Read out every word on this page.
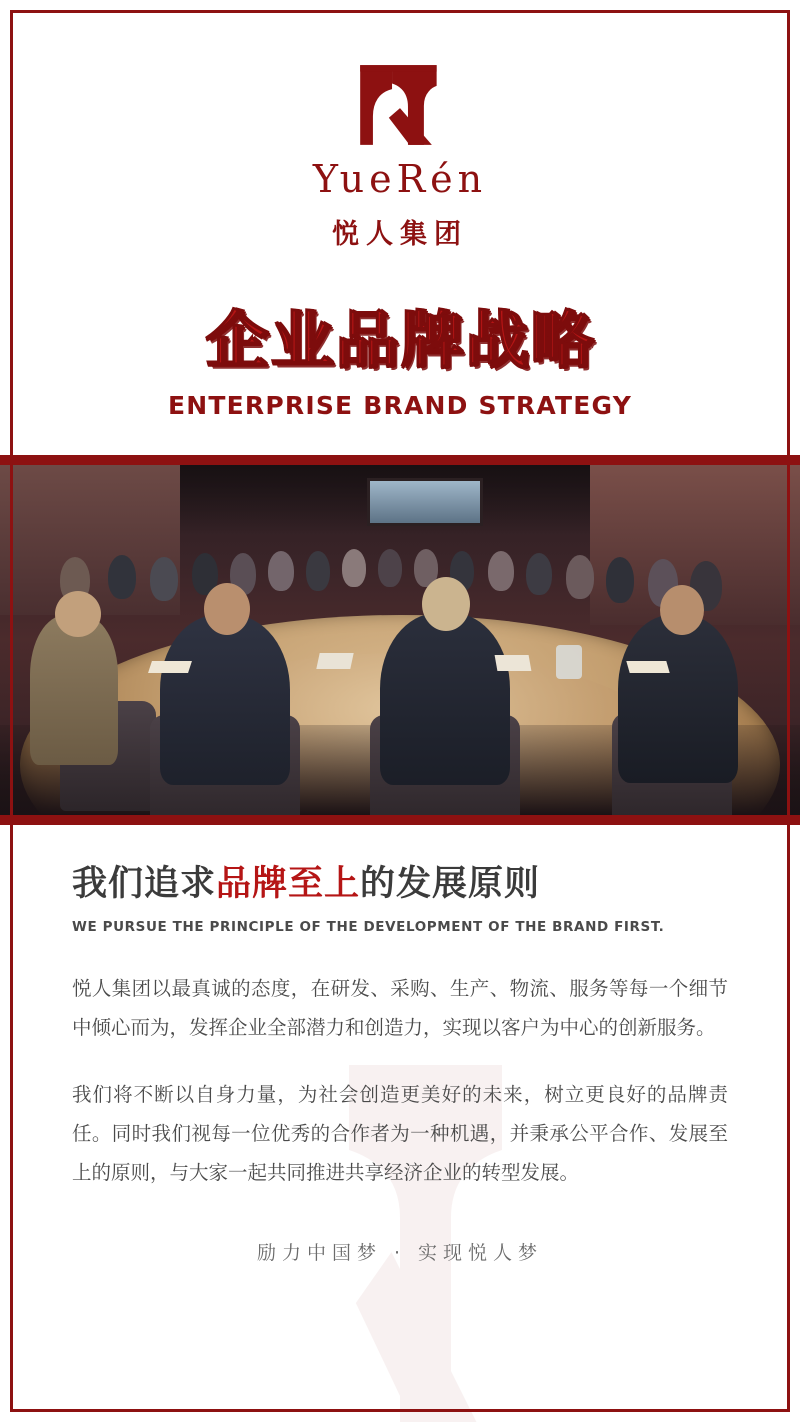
YueRén
悦人集团
企业品牌战略
ENTERPRISE BRAND STRATEGY
我们追求品牌至上的发展原则
WE PURSUE THE PRINCIPLE OF THE DEVELOPMENT OF THE BRAND FIRST.

悦人集团以最真诚的态度，在研发、采购、生产、物流、服务等每一个细节中倾心而为，发挥企业全部潜力和创造力，实现以客户为中心的创新服务。

我们将不断以自身力量，为社会创造更美好的未来，树立更良好的品牌责任。同时我们视每一位优秀的合作者为一种机遇，并秉承公平合作、发展至上的原则，与大家一起共同推进共享经济企业的转型发展。

励力中国梦 · 实现悦人梦
